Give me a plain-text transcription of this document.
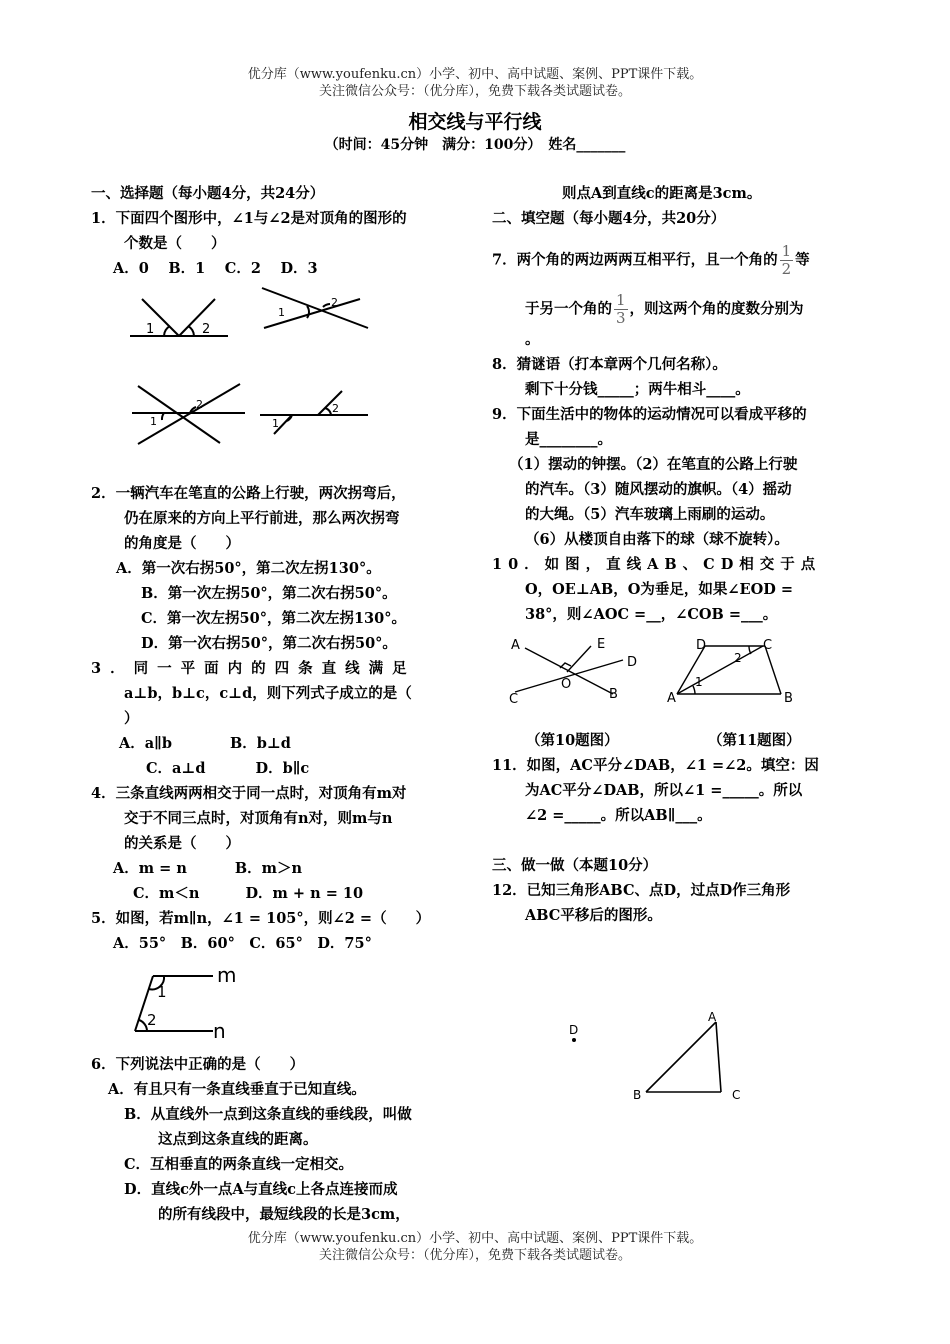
优分库（www.youfenku.cn）小学、初中、高中试题、案例、PPT课件下载。
关注微信公众号：（优分库），免费下载各类试题试卷。
相交线与平行线
（时间：45分钟　满分：100分）　姓名_______
一、选择题（每小题4分，共24分）
1．下面四个图形中，∠1与∠2是对顶角的图形的
个数是（　　）
A．0　 B．1　 C．2　 D．3
1	2
1
2
1
2
1
2
2．一辆汽车在笔直的公路上行驶，两次拐弯后，
仍在原来的方向上平行前进，那么两次拐弯
的角度是（　　）
A．第一次右拐50°，第二次左拐130°。
B．第一次左拐50°，第二次右拐50°。
C．第一次左拐50°，第二次左拐130°。
D．第一次右拐50°，第二次右拐50°。
3．同一平面内的四条直线满足
a⊥b，b⊥c，c⊥d，则下列式子成立的是（
）
A．a∥b	B．b⊥d
C．a⊥d	D．b∥c
4．三条直线两两相交于同一点时，对顶角有m对
交于不同三点时，对顶角有n对，则m与n
的关系是（　　）
A．m = n	B．m＞n
C．m＜n	D．m + n = 10
5．如图，若m∥n，∠1 = 105°，则∠2 =（　　）
A．55°　B．60°　C．65°　D．75°
1
2
m
n
6．下列说法中正确的是（　　）
A．有且只有一条直线垂直于已知直线。
B．从直线外一点到这条直线的垂线段，叫做
这点到这条直线的距离。
C．互相垂直的两条直线一定相交。
D．直线c外一点A与直线c上各点连接而成
的所有线段中，最短线段的长是3cm，
则点A到直线c的距离是3cm。
二、填空题（每小题4分，共20分）
7．两个角的两边两两互相平行，且一个角的 $\frac{1}{2}$ 等
于另一个角的 $\frac{1}{3}$ ，则这两个角的度数分别为
。
8．猜谜语（打本章两个几何名称）。
剩下十分钱_____；两牛相斗____。
9．下面生活中的物体的运动情况可以看成平移的
是________。
（1）摆动的钟摆。（2）在笔直的公路上行驶
的汽车。（3）随风摆动的旗帜。（4）摇动
的大绳。（5）汽车玻璃上雨刷的运动。
（6）从楼顶自由落下的球（球不旋转）。
10．如图，直线AB、CD相交于点
O，OE⊥AB，O为垂足，如果∠EOD =
38°，则∠AOC =__，∠COB =___。
A
C
E
D
O
B
D	C
A	B
1
2
（第10题图）	（第11题图）
11．如图，AC平分∠DAB，∠1 =∠2。填空：因
为AC平分∠DAB，所以∠1 =_____。所以
∠2 =_____。所以AB∥___。
三、做一做（本题10分）
12．已知三角形ABC、点D，过点D作三角形
ABC平移后的图形。
D
A
B	C
优分库（www.youfenku.cn）小学、初中、高中试题、案例、PPT课件下载。
关注微信公众号：（优分库），免费下载各类试题试卷。
